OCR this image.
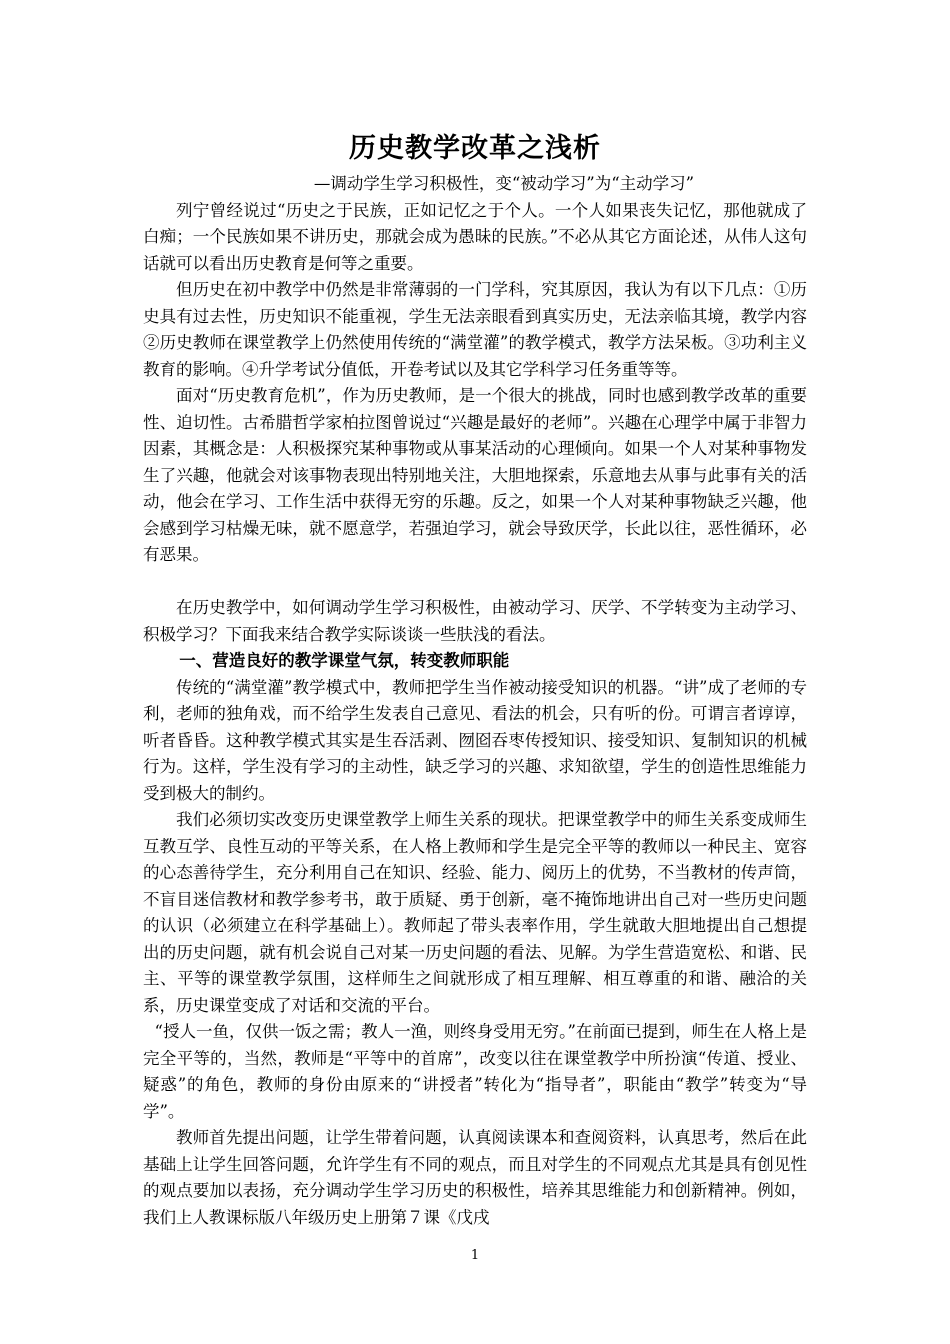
历史教学改革之浅析
—调动学生学习积极性，变“被动学习”为“主动学习”

列宁曾经说过“历史之于民族，正如记忆之于个人。一个人如果丧失记忆，那他就成了白痴；一个民族如果不讲历史，那就会成为愚昧的民族。”不必从其它方面论述，从伟人这句话就可以看出历史教育是何等之重要。

但历史在初中教学中仍然是非常薄弱的一门学科，究其原因，我认为有以下几点：①历史具有过去性，历史知识不能重视，学生无法亲眼看到真实历史，无法亲临其境，教学内容②历史教师在课堂教学上仍然使用传统的“满堂灌”的教学模式，教学方法呆板。③功利主义教育的影响。④升学考试分值低，开卷考试以及其它学科学习任务重等等。

面对“历史教育危机”，作为历史教师，是一个很大的挑战，同时也感到教学改革的重要性、迫切性。古希腊哲学家柏拉图曾说过“兴趣是最好的老师”。兴趣在心理学中属于非智力因素，其概念是：人积极探究某种事物或从事某活动的心理倾向。如果一个人对某种事物发生了兴趣，他就会对该事物表现出特别地关注，大胆地探索，乐意地去从事与此事有关的活动，他会在学习、工作生活中获得无穷的乐趣。反之，如果一个人对某种事物缺乏兴趣，他会感到学习枯燥无味，就不愿意学，若强迫学习，就会导致厌学，长此以往，恶性循环，必有恶果。

在历史教学中，如何调动学生学习积极性，由被动学习、厌学、不学转变为主动学习、积极学习？下面我来结合教学实际谈谈一些肤浅的看法。

一、营造良好的教学课堂气氛，转变教师职能

传统的“满堂灌”教学模式中，教师把学生当作被动接受知识的机器。“讲”成了老师的专利，老师的独角戏，而不给学生发表自己意见、看法的机会，只有听的份。可谓言者谆谆，听者昏昏。这种教学模式其实是生吞活剥、囫囵吞枣传授知识、接受知识、复制知识的机械行为。这样，学生没有学习的主动性，缺乏学习的兴趣、求知欲望，学生的创造性思维能力受到极大的制约。

我们必须切实改变历史课堂教学上师生关系的现状。把课堂教学中的师生关系变成师生互教互学、良性互动的平等关系，在人格上教师和学生是完全平等的教师以一种民主、宽容的心态善待学生，充分利用自己在知识、经验、能力、阅历上的优势，不当教材的传声筒，不盲目迷信教材和教学参考书，敢于质疑、勇于创新，毫不掩饰地讲出自己对一些历史问题的认识（必须建立在科学基础上）。教师起了带头表率作用，学生就敢大胆地提出自己想提出的历史问题，就有机会说自己对某一历史问题的看法、见解。为学生营造宽松、和谐、民主、平等的课堂教学氛围，这样师生之间就形成了相互理解、相互尊重的和谐、融洽的关系，历史课堂变成了对话和交流的平台。

“授人一鱼，仅供一饭之需；教人一渔，则终身受用无穷。”在前面已提到，师生在人格上是完全平等的，当然，教师是“平等中的首席”，改变以往在课堂教学中所扮演“传道、授业、疑惑”的角色，教师的身份由原来的“讲授者”转化为“指导者”，职能由“教学”转变为“导学”。

教师首先提出问题，让学生带着问题，认真阅读课本和查阅资料，认真思考，然后在此基础上让学生回答问题，允许学生有不同的观点，而且对学生的不同观点尤其是具有创见性的观点要加以表扬，充分调动学生学习历史的积极性，培养其思维能力和创新精神。例如，我们上人教课标版八年级历史上册第７课《戊戌

1
